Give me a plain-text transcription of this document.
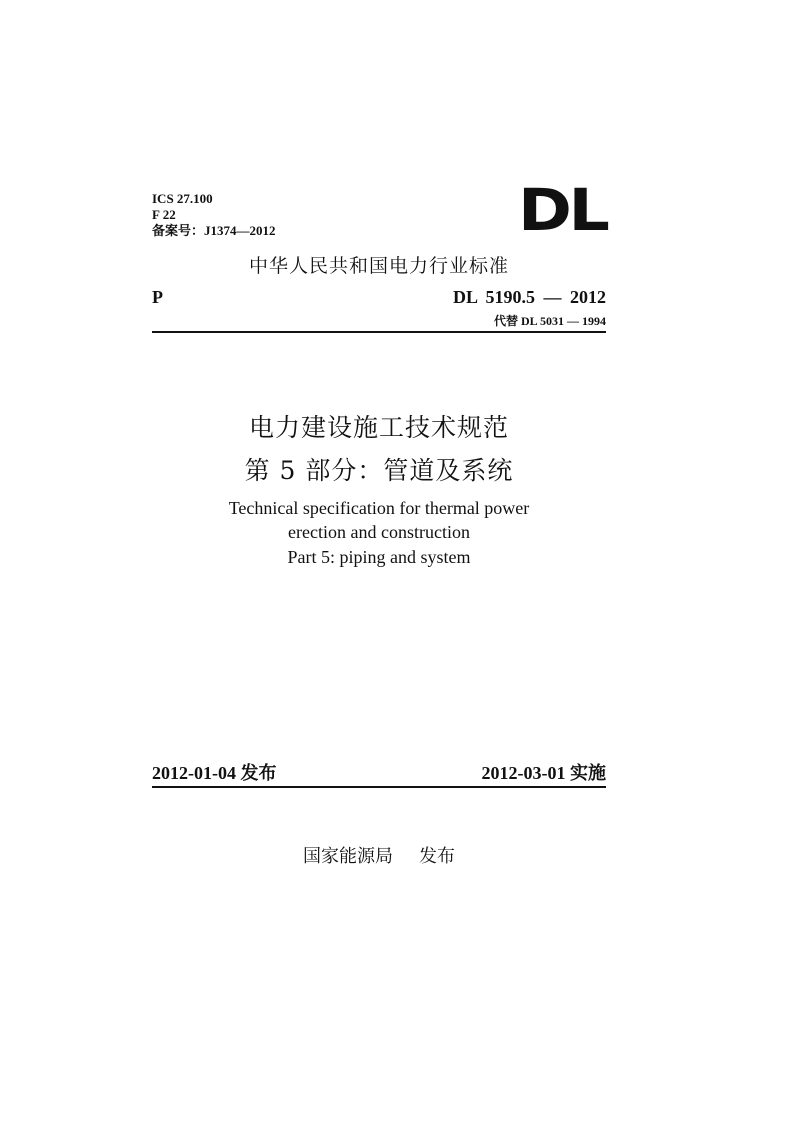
ICS 27.100
F 22
备案号：J1374—2012	DL
中华人民共和国电力行业标准
P	DL 5190.5 — 2012
代替 DL 5031 — 1994
电力建设施工技术规范
第 5 部分：管道及系统
Technical specification for thermal power
erection and construction
Part 5: piping and system
2012-01-04 发布	2012-03-01 实施
国家能源局 发布
